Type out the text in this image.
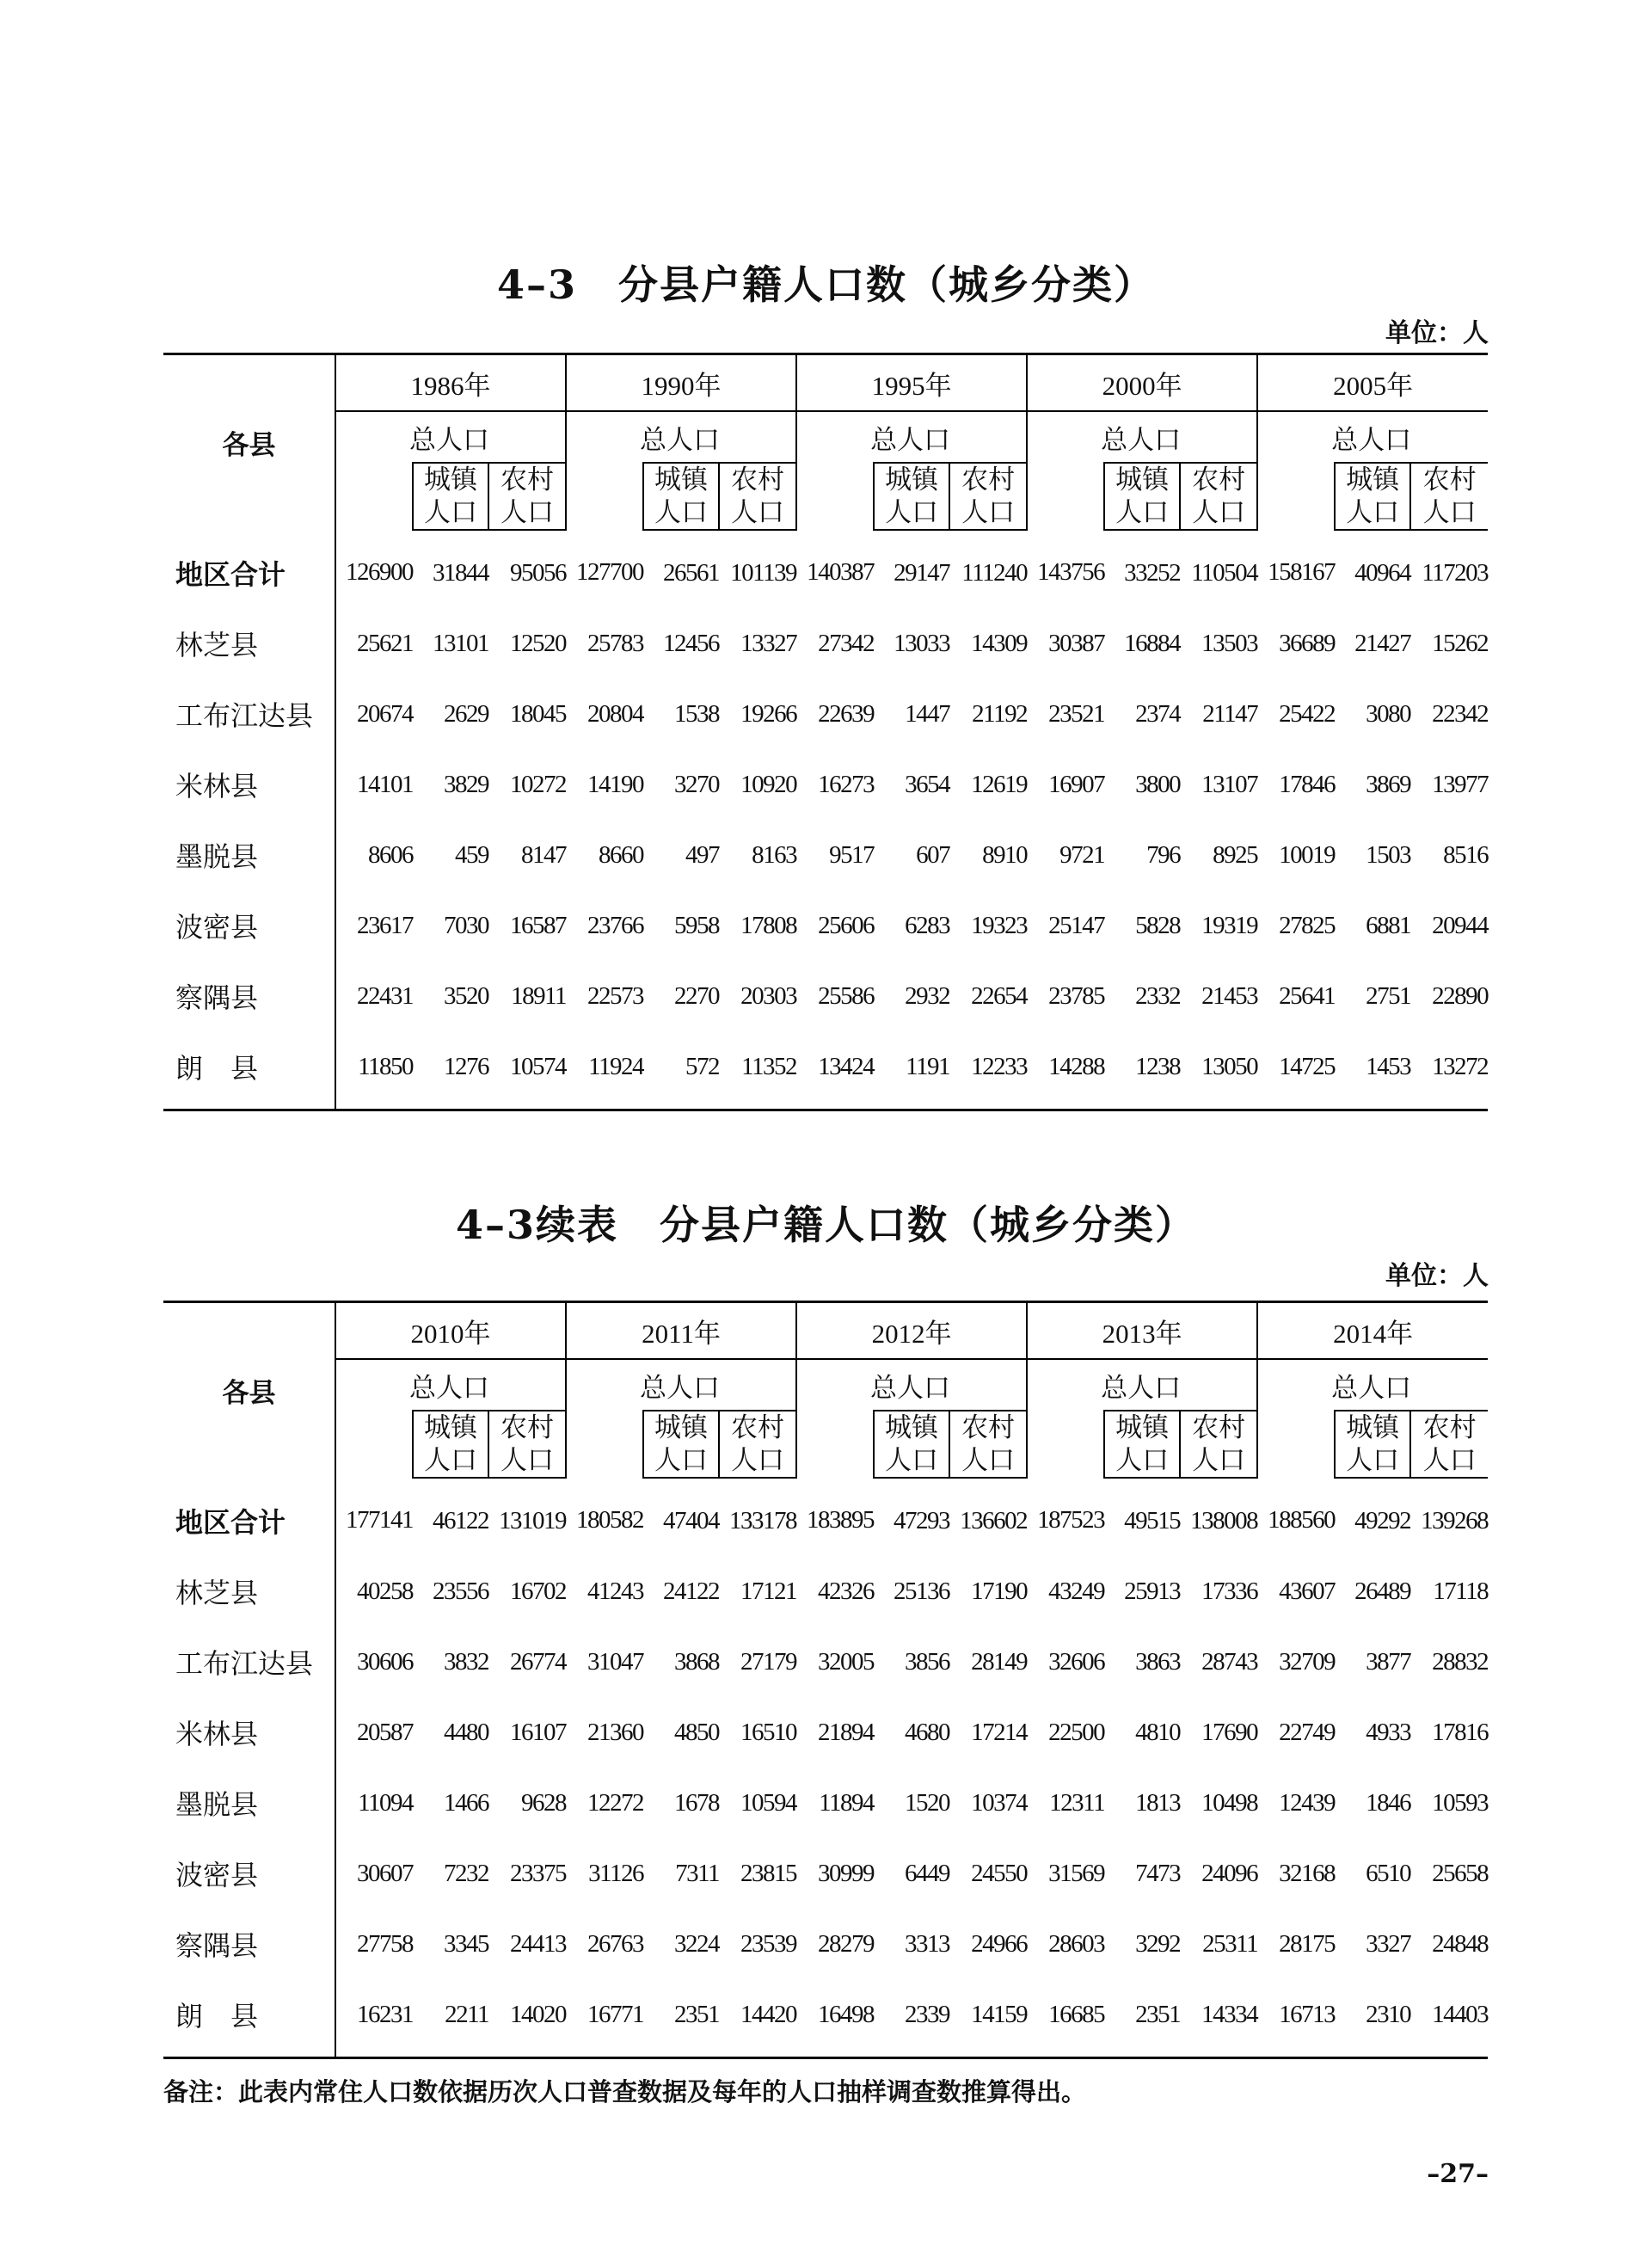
4–3　分县户籍人口数（城乡分类）
单位：人
各县	1986年			1990年			1995年			2000年			2005年		
	总人口			总人口			总人口			总人口			总人口		
		城镇	农村		城镇	农村		城镇	农村		城镇	农村		城镇	农村
		人口	人口		人口	人口		人口	人口		人口	人口		人口	人口
地区合计	126900	31844	95056	127700	26561	101139	140387	29147	111240	143756	33252	110504	158167	40964	117203
林芝县	25621	13101	12520	25783	12456	13327	27342	13033	14309	30387	16884	13503	36689	21427	15262
工布江达县	20674	2629	18045	20804	1538	19266	22639	1447	21192	23521	2374	21147	25422	3080	22342
米林县	14101	3829	10272	14190	3270	10920	16273	3654	12619	16907	3800	13107	17846	3869	13977
墨脱县	8606	459	8147	8660	497	8163	9517	607	8910	9721	796	8925	10019	1503	8516
波密县	23617	7030	16587	23766	5958	17808	25606	6283	19323	25147	5828	19319	27825	6881	20944
察隅县	22431	3520	18911	22573	2270	20303	25586	2932	22654	23785	2332	21453	25641	2751	22890
朗　县	11850	1276	10574	11924	572	11352	13424	1191	12233	14288	1238	13050	14725	1453	13272
4–3续表　分县户籍人口数（城乡分类）
单位：人
各县	2010年			2011年			2012年			2013年			2014年		
	总人口			总人口			总人口			总人口			总人口		
		城镇	农村		城镇	农村		城镇	农村		城镇	农村		城镇	农村
		人口	人口		人口	人口		人口	人口		人口	人口		人口	人口
地区合计	177141	46122	131019	180582	47404	133178	183895	47293	136602	187523	49515	138008	188560	49292	139268
林芝县	40258	23556	16702	41243	24122	17121	42326	25136	17190	43249	25913	17336	43607	26489	17118
工布江达县	30606	3832	26774	31047	3868	27179	32005	3856	28149	32606	3863	28743	32709	3877	28832
米林县	20587	4480	16107	21360	4850	16510	21894	4680	17214	22500	4810	17690	22749	4933	17816
墨脱县	11094	1466	9628	12272	1678	10594	11894	1520	10374	12311	1813	10498	12439	1846	10593
波密县	30607	7232	23375	31126	7311	23815	30999	6449	24550	31569	7473	24096	32168	6510	25658
察隅县	27758	3345	24413	26763	3224	23539	28279	3313	24966	28603	3292	25311	28175	3327	24848
朗　县	16231	2211	14020	16771	2351	14420	16498	2339	14159	16685	2351	14334	16713	2310	14403
备注：此表内常住人口数依据历次人口普查数据及每年的人口抽样调查数推算得出。
–27–
